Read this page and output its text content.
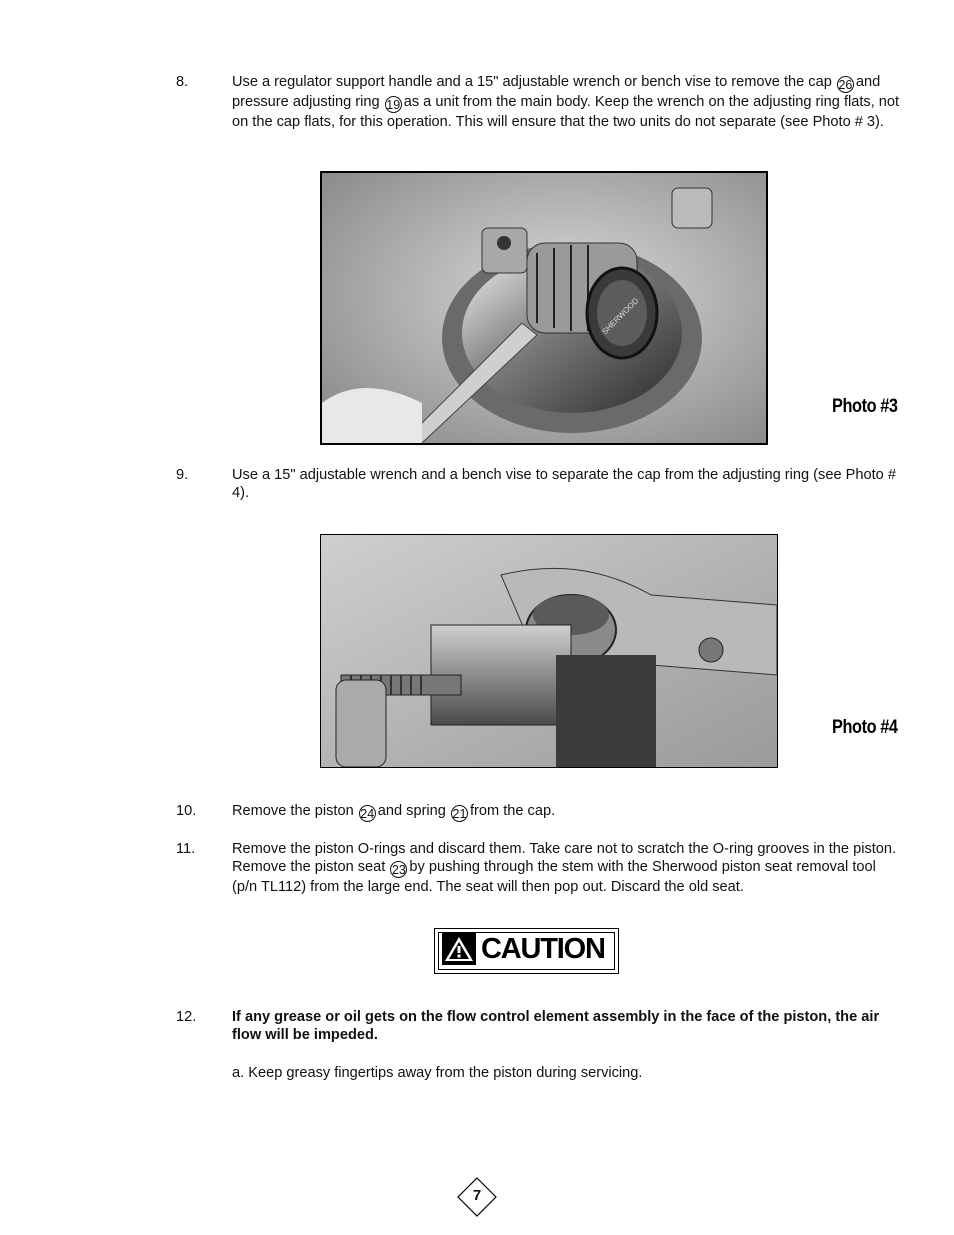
8.	Use a regulator support handle and a 15" adjustable wrench or bench vise to remove the cap 26 and pressure adjusting ring 19 as a unit from the main body. Keep the wrench on the adjusting ring flats, not on the cap flats, for this operation. This will ensure that the two units do not separate (see Photo # 3).
SHERWOOD
Photo #3
9.	Use a 15" adjustable wrench and a bench vise to separate the cap from the adjusting ring (see Photo # 4).
Photo #4
10. Remove the piston 24 and spring 21 from the cap.
11.	Remove the piston O-rings and discard them. Take care not to scratch the O-ring grooves in the piston. Remove the piston seat 23 by pushing through the stem with the Sherwood piston seat removal tool (p/n TL112) from the large end. The seat will then pop out. Discard the old seat.
CAUTION
12. If any grease or oil gets on the flow control element assembly in the face of the piston, the air flow will be impeded.
a. Keep greasy fingertips away from the piston during servicing.
7
